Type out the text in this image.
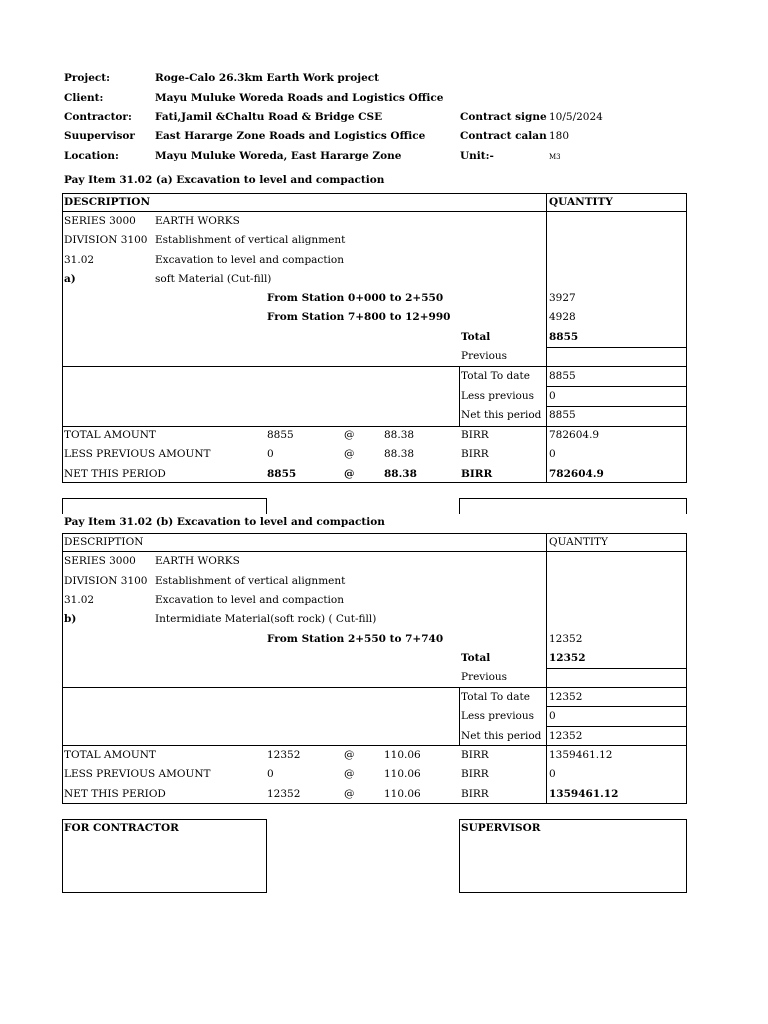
Project:	Roge-Calo 26.3km Earth Work project
Client:	Mayu Muluke Woreda Roads and Logistics Office
Contractor: Fati,Jamil &Chaltu Road & Bridge CSE
Suupervisor East Hararge Zone Roads and Logistics Office
Location:	Mayu Muluke Woreda, East Hararge Zone
Contract signe 10/5/2024
Contract calan 180
Unit:-	M3
Pay Item 31.02 (a) Excavation to level and compaction
DESCRIPTION	QUANTITY
SERIES 3000 EARTH WORKS
DIVISION 3100 Establishment of vertical alignment
31.02	Excavation to level and compaction
a)	soft Material (Cut-fill)
From Station 0+000 to 2+550	3927
From Station 7+800 to 12+990	4928
Total	8855
Previous
Total To date 8855
Less previous 0
Net this period 8855
TOTAL AMOUNT	8855	@	88.38	BIRR	782604.9
LESS PREVIOUS AMOUNT	0	@	88.38	BIRR	0
NET THIS PERIOD	8855	@	88.38	BIRR	782604.9
Pay Item 31.02 (b) Excavation to level and compaction
DESCRIPTION	QUANTITY
SERIES 3000 EARTH WORKS
DIVISION 3100 Establishment of vertical alignment
31.02	Excavation to level and compaction
b)	Intermidiate Material(soft rock) ( Cut-fill)
From Station 2+550 to 7+740	12352
Total	12352
Previous
Total To date 12352
Less previous 0
Net this period 12352
TOTAL AMOUNT	12352	@	110.06	BIRR	1359461.12
LESS PREVIOUS AMOUNT	0	@	110.06	BIRR	0
NET THIS PERIOD	12352	@	110.06	BIRR	1359461.12
FOR CONTRACTOR	SUPERVISOR
